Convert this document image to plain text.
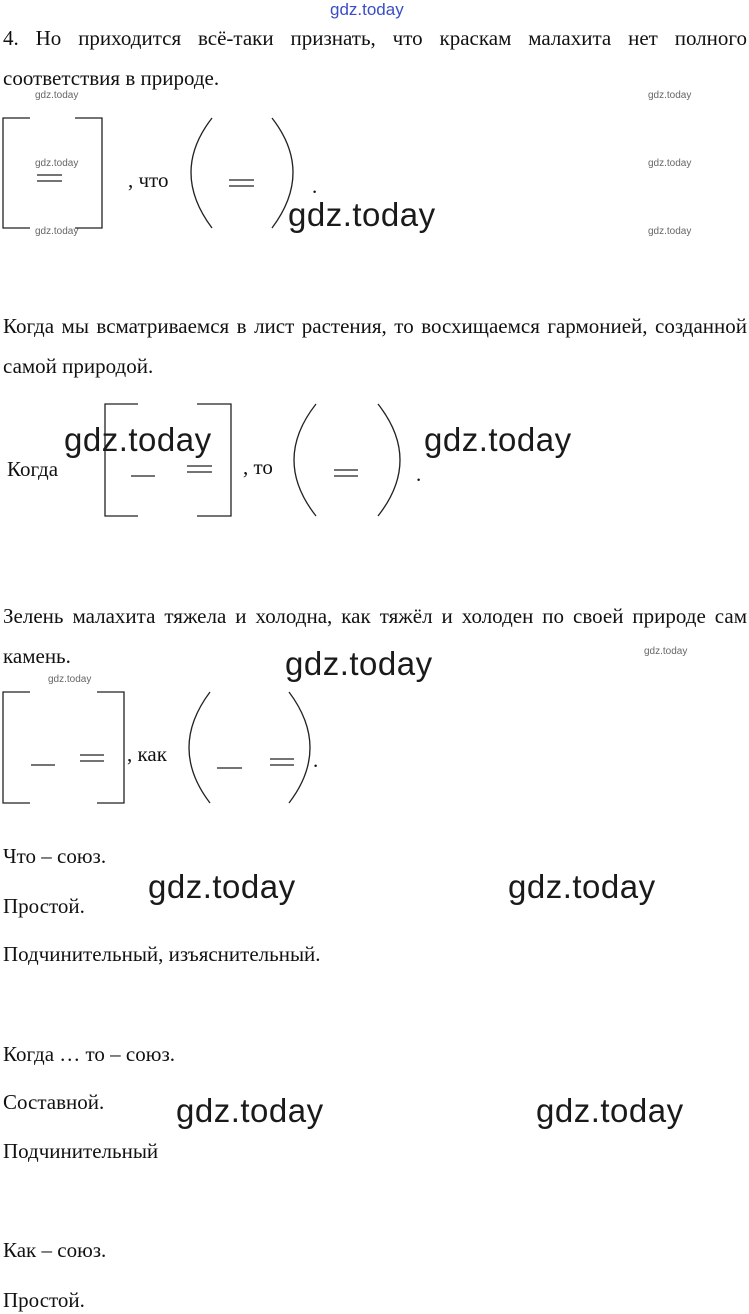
gdz.today
4. Но приходится всё-таки признать, что краскам малахита нет полного соответствия в природе.
, что	.
Когда мы всматриваемся в лист растения, то восхищаемся гармонией, созданной самой природой.
Когда	, то	.
Зелень малахита тяжела и холодна, как тяжёл и холоден по своей природе сам камень.
, как	.
Что – союз.
Простой.
Подчинительный, изъяснительный.
Когда … то – союз.
Составной.
Подчинительный
Как – союз.
Простой.
gdz.today	gdz.today
gdz.today	gdz.today
gdz.today	gdz.today
gdz.today
gdz.today
gdz.today
gdz.today	gdz.today
gdz.today
gdz.today	gdz.today
gdz.today	gdz.today
